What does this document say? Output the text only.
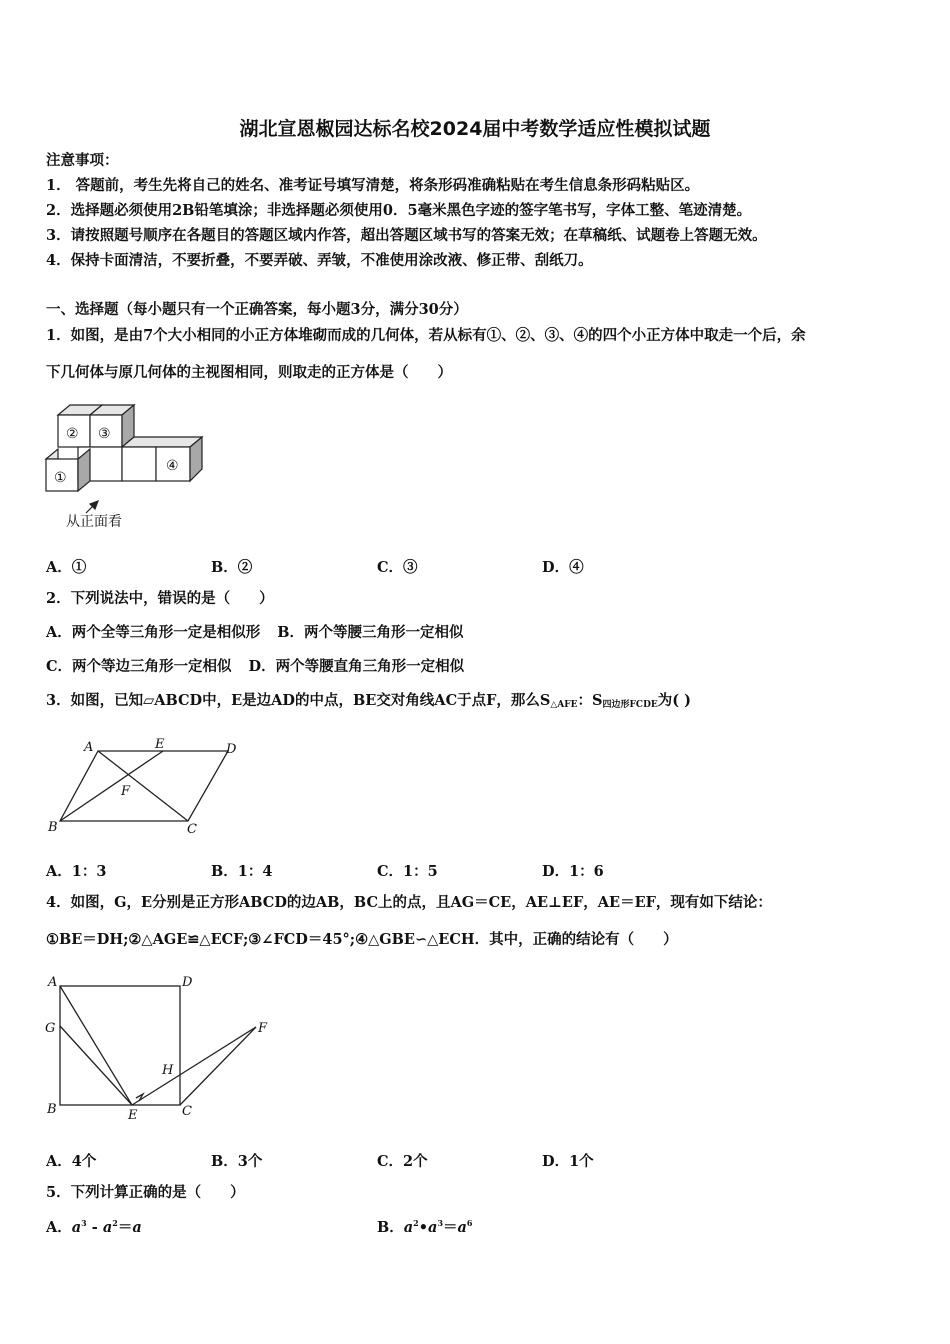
湖北宣恩椒园达标名校2024届中考数学适应性模拟试题
注意事项：
1． 答题前，考生先将自己的姓名、准考证号填写清楚，将条形码准确粘贴在考生信息条形码粘贴区。
2．选择题必须使用2B铅笔填涂；非选择题必须使用0．5毫米黑色字迹的签字笔书写，字体工整、笔迹清楚。
3．请按照题号顺序在各题目的答题区域内作答，超出答题区域书写的答案无效；在草稿纸、试题卷上答题无效。
4．保持卡面清洁，不要折叠，不要弄破、弄皱，不准使用涂改液、修正带、刮纸刀。
一、选择题（每小题只有一个正确答案，每小题3分，满分30分）
1．如图，是由7个大小相同的小正方体堆砌而成的几何体，若从标有①、②、③、④的四个小正方体中取走一个后，余
下几何体与原几何体的主视图相同，则取走的正方体是（　　）
② ③
①
④
从正面看
A．①	B．②	C．③	D．④
2．下列说法中，错误的是（　　）
A．两个全等三角形一定是相似形 B．两个等腰三角形一定相似
C．两个等边三角形一定相似 D．两个等腰直角三角形一定相似
3．如图，已知▱ABCD中，E是边AD的中点，BE交对角线AC于点F，那么$S_{\triangle AFE}$：$S_{四边形FCDE}$为( )
A	E	D
F
B	C
A．1：3	B．1：4	C．1：5	D．1：6
4．如图，G，E分别是正方形ABCD的边AB，BC上的点，且AG＝CE，AE⊥EF，AE＝EF，现有如下结论：
①BE＝DH;②△AGE≌△ECF;③∠FCD＝45°;④△GBE∽△ECH．其中，正确的结论有（　　）
A	D
G	F
H
B	E	C
A．4个	B．3个	C．2个	D．1个
5．下列计算正确的是（　　）
A．$a^3 - a^2=a$	B．$a^2•a^3=a^6$
